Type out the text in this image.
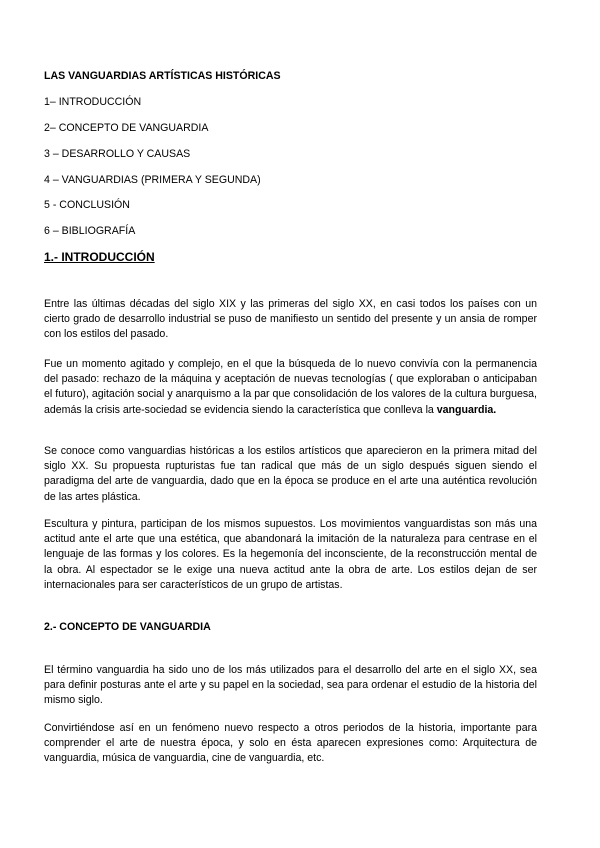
LAS VANGUARDIAS ARTÍSTICAS HISTÓRICAS
1– INTRODUCCIÓN
2– CONCEPTO DE VANGUARDIA
3 – DESARROLLO Y CAUSAS
4 – VANGUARDIAS (PRIMERA Y SEGUNDA)
5 - CONCLUSIÓN
6 – BIBLIOGRAFÍA
1.- INTRODUCCIÓN

Entre las últimas décadas del siglo XIX y las primeras del siglo XX, en casi todos los países con un cierto grado de desarrollo industrial se puso de manifiesto un sentido del presente y un ansia de romper con los estilos del pasado.

Fue un momento agitado y complejo, en el que la búsqueda de lo nuevo convivía con la permanencia del pasado: rechazo de la máquina y aceptación de nuevas tecnologías ( que exploraban o anticipaban el futuro), agitación social y anarquismo a la par que consolidación de los valores de la cultura burguesa, además la crisis arte-sociedad se evidencia siendo la característica que conlleva la vanguardia.

Se conoce como vanguardias históricas a los estilos artísticos que aparecieron en la primera mitad del siglo XX. Su propuesta rupturistas fue tan radical que más de un siglo después siguen siendo el paradigma del arte de vanguardia, dado que en la época se produce en el arte una auténtica revolución de las artes plástica.

Escultura y pintura, participan de los mismos supuestos. Los movimientos vanguardistas son más una actitud ante el arte que una estética, que abandonará la imitación de la naturaleza para centrase en el lenguaje de las formas y los colores. Es la hegemonía del inconsciente, de la reconstrucción mental de la obra. Al espectador se le exige una nueva actitud ante la obra de arte. Los estilos dejan de ser internacionales para ser característicos de un grupo de artistas.

2.- CONCEPTO DE VANGUARDIA

El término vanguardia ha sido uno de los más utilizados para el desarrollo del arte en el siglo XX, sea para definir posturas ante el arte y su papel en la sociedad, sea para ordenar el estudio de la historia del mismo siglo.

Convirtiéndose así en un fenómeno nuevo respecto a otros periodos de la historia, importante para comprender el arte de nuestra época, y solo en ésta aparecen expresiones como: Arquitectura de vanguardia, música de vanguardia, cine de vanguardia, etc.
